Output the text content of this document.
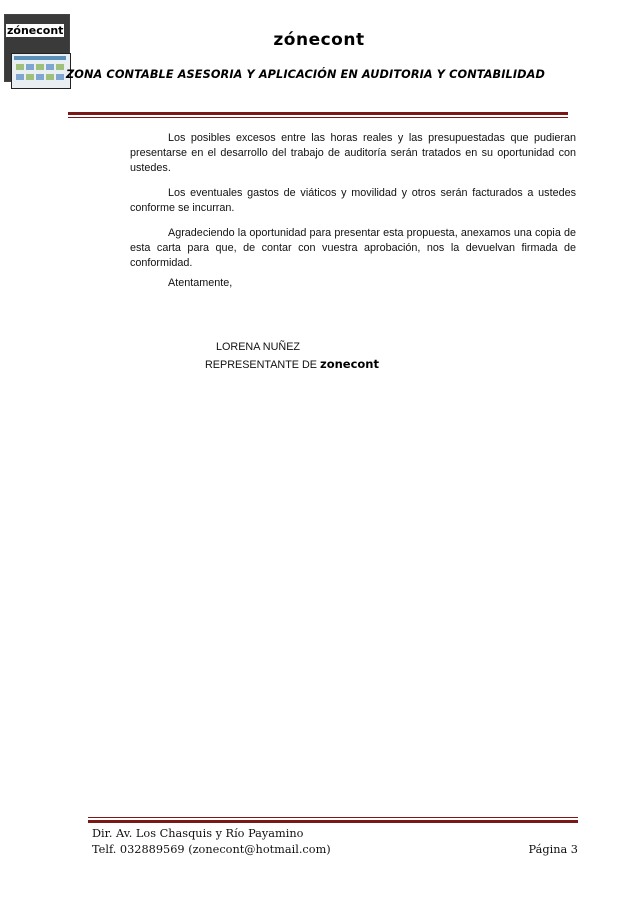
zónecont	zónecont
ZONA CONTABLE ASESORIA Y APLICACIÓN EN AUDITORIA Y CONTABILIDAD

Los posibles excesos entre las horas reales y las presupuestadas que pudieran presentarse en el desarrollo del trabajo de auditoría serán tratados en su oportunidad con ustedes.

Los eventuales gastos de viáticos y movilidad y otros serán facturados a ustedes conforme se incurran.

Agradeciendo la oportunidad para presentar esta propuesta, anexamos una copia de esta carta para que, de contar con vuestra aprobación, nos la devuelvan firmada de conformidad.

Atentamente,
LORENA NUÑEZ
REPRESENTANTE DE zonecont
Dir. Av. Los Chasquis y Río Payamino
Telf. 032889569 (zonecont@hotmail.com)	Página 3
